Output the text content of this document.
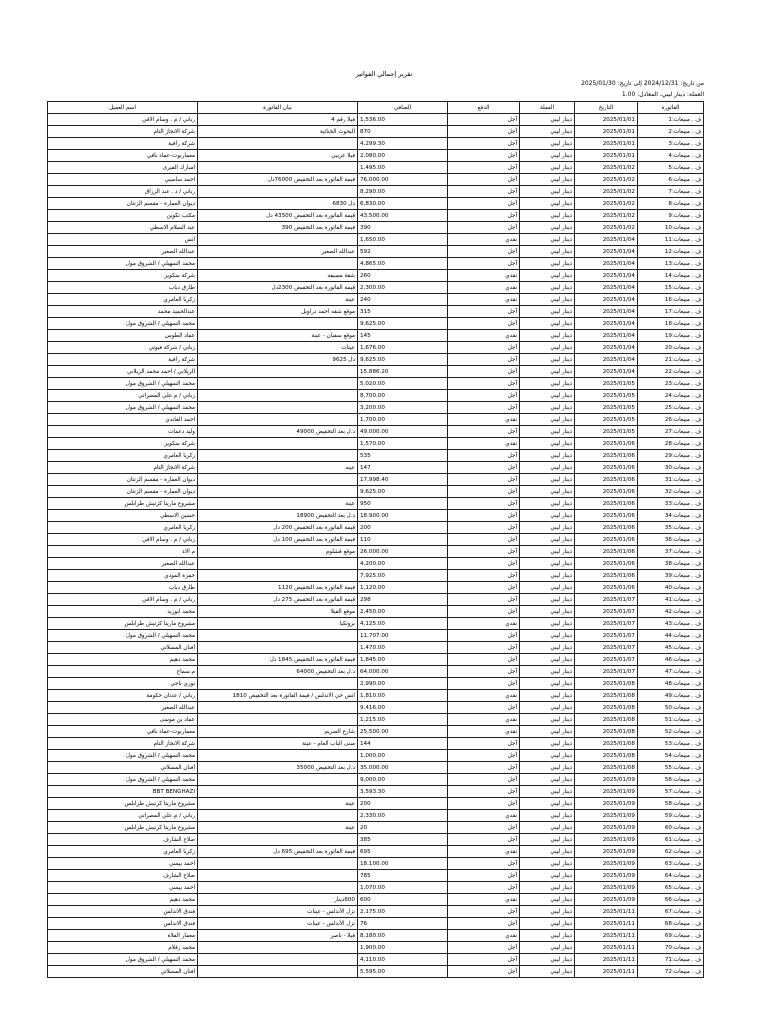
تقرير إجمالي الفواتير
من تاريخ: 2024/12/31 إلى تاريخ: 2025/01/30
العملة: دينار ليبي، المعادل: 1.00
الفاتورة	التاريخ	العملة	الدفع	الصافي	بيان الفاتورة	اسم العميل
ف . مبيعات:1	2025/01/01	دينار ليبي	آجل	1,536.00	فيلا رقم 4	رباني / م . وسام الاقي
ف . مبيعات:2	2025/01/01	دينار ليبي	آجل	870	البحوث الجنائية	شركة الانجاز التام
ف . مبيعات:3	2025/01/01	دينار ليبي	آجل	4,299.30		شركة راقية
ف . مبيعات:4	2025/01/01	دينار ليبي	آجل	2,080.00	فيلا عربيي	معماربوت-عماد باقي
ف . مبيعات:5	2025/01/02	دينار ليبي	آجل	1,495.00		امبارك القيرى
ف . مبيعات:6	2025/01/02	دينار ليبي	آجل	76,000.00	قيمة الفاتورة بعد التخفيض 76000دل	احمد ساسيي
ف . مبيعات:7	2025/01/02	دينار ليبي	آجل	8,290.00		رباني / د . عبد الرزاق
ف . مبيعات:8	2025/01/02	دينار ليبي	آجل	6,830.00	دل 6830	ديوان العمارة - مقسم الزنتان
ف . مبيعات:9	2025/01/02	دينار ليبي	آجل	43,500.00	قيمة الفاتورة بعد التخفيض 43500 دل	مكتب تكوين
ف . مبيعات:10	2025/01/02	دينار ليبي	آجل	390	قيمة الفاتورة بعد التخفيض 390	عبد السلام الاسطي
ف . مبيعات:11	2025/01/04	دينار ليبي	نقدي	1,650.00		انس
ف . مبيعات:12	2025/01/04	دينار ليبي	آجل	592	عبدالله الصغير	عبدالله الصغير
ف . مبيعات:13	2025/01/04	دينار ليبي	آجل	4,865.00		محمد السهيلي / الشروق مول
ف . مبيعات:14	2025/01/04	دينار ليبي	نقدي	260	شقة مصيفه	شركة سكوير
ف . مبيعات:15	2025/01/04	دينار ليبي	نقدي	2,300.00	قيمة الفاتورة بعد التخفيض 2300دل	طارق دباب
ف . مبيعات:16	2025/01/04	دينار ليبي	نقدي	240	عينة	زكريا العامري
ف . مبيعات:17	2025/01/04	دينار ليبي	آجل	315	موقع شقه احمد دراويل	عبدالحميد محمد
ف . مبيعات:18	2025/01/04	دينار ليبي	آجل	9,625.00		محمد السهيلي / الشروق مول
ف . مبيعات:19	2025/01/04	دينار ليبي	نقدي	145	موقع سفيان - عينة	عماد الطوس
ف . مبيعات:20	2025/01/04	دينار ليبي	آجل	1,676.00	عينات	رباني / شركة فيوتي
ف . مبيعات:21	2025/01/04	دينار ليبي	آجل	9,625.00	دل 9625	شركة راقية
ف . مبيعات:22	2025/01/04	دينار ليبي	آجل	15,886.20		الزيلاني / احمد محمد الزيلاني
ف . مبيعات:23	2025/01/05	دينار ليبي	آجل	5,020.00		محمد السهيلي / الشروق مول
ف . مبيعات:24	2025/01/05	دينار ليبي	آجل	8,700.00		رباني / م.علي المصراتي
ف . مبيعات:25	2025/01/05	دينار ليبي	آجل	3,200.00		محمد السهيلي / الشروق مول
ف . مبيعات:26	2025/01/05	دينار ليبي	نقدي	1,700.00		احمد القاندي
ف . مبيعات:27	2025/01/05	دينار ليبي	آجل	49,000.00	د.ل بعد التخفيض 49000	وليد دعمات
ف . مبيعات:28	2025/01/06	دينار ليبي	نقدي	1,570.00		شركة سكوير
ف . مبيعات:29	2025/01/06	دينار ليبي	آجل	535		زكريا العامري
ف . مبيعات:30	2025/01/06	دينار ليبي	آجل	147	عينه	شركة الانجاز التام
ف . مبيعات:31	2025/01/06	دينار ليبي	آجل	17,998.40		ديوان العمارة - مقسم الزنتان
ف . مبيعات:32	2025/01/06	دينار ليبي	آجل	9,625.00		ديوان العمارة - مقسم الزنتان
ف . مبيعات:33	2025/01/06	دينار ليبي	آجل	950	عينة	مشروع ماريتا كرتيش طرابلس
ف . مبيعات:34	2025/01/06	دينار ليبي	آجل	18,900.00	د.ل بعد التخفيض 18900	حسين الاسطي
ف . مبيعات:35	2025/01/06	دينار ليبي	آجل	200	قيمة الفاتورة بعد التخفيض 200 دل	زكريا العامري
ف . مبيعات:36	2025/01/06	دينار ليبي	آجل	110	قيمة الفاتورة بعد التخفيض 100 دل	رباني / م . وسام الاقي
ف . مبيعات:37	2025/01/06	دينار ليبي	آجل	26,000.00	موقع قشلوم	م الاء
ف . مبيعات:38	2025/01/06	دينار ليبي	آجل	4,200.00		عبدالله الصغير
ف . مبيعات:39	2025/01/06	دينار ليبي	آجل	7,925.00		حمزة المودي
ف . مبيعات:40	2025/01/06	دينار ليبي	آجل	1,120.00	قيمة الفاتورة بعد التخفيض 1120	طارق دباب
ف . مبيعات:41	2025/01/07	دينار ليبي	آجل	298	قيمة الفاتورة بعد التخفيض 275 دل	رباني / م . وسام الاقي
ف . مبيعات:42	2025/01/07	دينار ليبي	آجل	2,450.00	موقع الفيلا	محمد ابوزيد
ف . مبيعات:43	2025/01/07	دينار ليبي	نقدي	4,125.00	بروتكيا	مشروع ماريتا كرتيش طرابلس
ف . مبيعات:44	2025/01/07	دينار ليبي	آجل	11,707.00		محمد السهيلي / الشروق مول
ف . مبيعات:45	2025/01/07	دينار ليبي	آجل	1,470.00		افنان المسلاتي
ف . مبيعات:46	2025/01/07	دينار ليبي	آجل	1,845.00	قيمة الفاتورة بعد التخفيض 1845 دل	محمد دهيم
ف . مبيعات:47	2025/01/07	دينار ليبي	آجل	64,000.00	د.ل بعد التخفيض 64000	م.سماح
ف . مبيعات:48	2025/01/08	دينار ليبي	آجل	2,990.00		نوري ناجي
ف . مبيعات:49	2025/01/08	دينار ليبي	نقدي	1,810.00	انس حي الاندلس / قيمة الفاتورة بعد التخفيض 1810	رباني / عدنان حكومة
ف . مبيعات:50	2025/01/08	دينار ليبي	آجل	9,416.00		عبدالله الصغير
ف . مبيعات:51	2025/01/08	دينار ليبي	نقدي	1,215.00		عماد بن موسى
ف . مبيعات:52	2025/01/08	دينار ليبي	نقدي	25,500.00	شارع الصريم	معماربوت-عماد باقي
ف . مبيعات:53	2025/01/08	دينار ليبي	آجل	144	مبنى الباب العام - عينة	شركة الانجاز التام
ف . مبيعات:54	2025/01/08	دينار ليبي	آجل	1,000.00		محمد السهيلي / الشروق مول
ف . مبيعات:55	2025/01/08	دينار ليبي	آجل	35,000.00	د.ل بعد التخفيض 35000	افنان المسلاتي
ف . مبيعات:56	2025/01/09	دينار ليبي	آجل	9,000.00		محمد السهيلي / الشروق مول
ف . مبيعات:57	2025/01/09	دينار ليبي	آجل	3,593.30		BBT BENGHAZI
ف . مبيعات:58	2025/01/09	دينار ليبي	آجل	200	عينة	مشروع ماريتا كرتيش طرابلس
ف . مبيعات:59	2025/01/09	دينار ليبي	نقدي	2,330.00		رباني / م.علي المصراتي
ف . مبيعات:60	2025/01/09	دينار ليبي	آجل	20	عينة	مشروع ماريتا كرتيش طرابلس
ف . مبيعات:61	2025/01/09	دينار ليبي	آجل	385		صلاح الشارف
ف . مبيعات:62	2025/01/09	دينار ليبي	نقدي	695	قيمة الفاتورة بعد التخفيض 695 دل	زكريا العامري
ف . مبيعات:63	2025/01/09	دينار ليبي	آجل	18,100.00		احمد بيسي
ف . مبيعات:64	2025/01/09	دينار ليبي	آجل	785		صلاح الشارف
ف . مبيعات:65	2025/01/09	دينار ليبي	آجل	1,070.00		احمد بيسي
ف . مبيعات:66	2025/01/09	دينار ليبي	نقدي	600	600دينار	محمد دهيم
ف . مبيعات:67	2025/01/11	دينار ليبي	آجل	2,175.00	نزل الأندلس - عينات	فندق الاندلس
ف . مبيعات:68	2025/01/11	دينار ليبي	آجل	76	نزل الأندلس - عينات	فندق الاندلس
ف . مبيعات:69	2025/01/11	دينار ليبي	نقدي	8,180.00	فيلا - ناصر	معمار الفلاة
ف . مبيعات:70	2025/01/11	دينار ليبي	آجل	1,900.00		محمد رقلام
ف . مبيعات:71	2025/01/11	دينار ليبي	آجل	4,110.00		محمد السهيلي / الشروق مول
ف . مبيعات:72	2025/01/11	دينار ليبي	آجل	5,595.00		افنان المسلاتي
